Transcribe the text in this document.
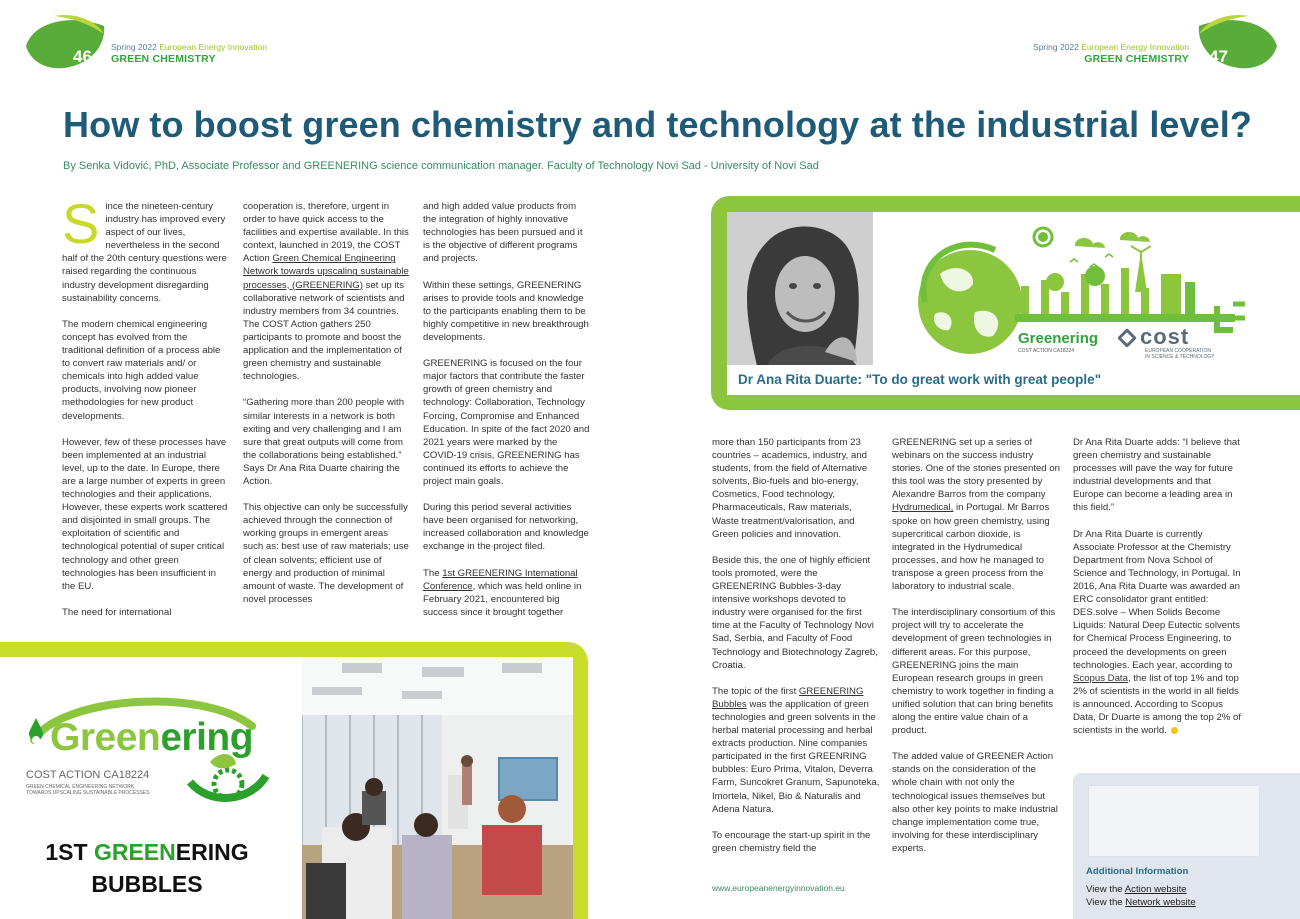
46 Spring 2022 European Energy Innovation
GREEN CHEMISTRY	47
Spring 2022 European Energy Innovation
GREEN CHEMISTRY
How to boost green chemistry and technology at the industrial level?
By Senka Vidović, PhD, Associate Professor and GREENERING science communication manager. Faculty of Technology Novi Sad - University of Novi Sad

Since the nineteen-century industry has improved every aspect of our lives, nevertheless in the second half of the 20th century questions were raised regarding the continuous industry development disregarding sustainability concerns.

The modern chemical engineering concept has evolved from the traditional definition of a process able to convert raw materials and/ or chemicals into high added value products, involving now pioneer methodologies for new product developments.

However, few of these processes have been implemented at an industrial level, up to the date. In Europe, there are a large number of experts in green technologies and their applications. However, these experts work scattered and disjointed in small groups. The exploitation of scientific and technological potential of super critical technology and other green technologies has been insufficient in the EU.

The need for international

cooperation is, therefore, urgent in order to have quick access to the facilities and expertise available. In this context, launched in 2019, the COST Action Green Chemical Engineering Network towards upscaling sustainable processes, (GREENERING) set up its collaborative network of scientists and industry members from 34 countries. The COST Action gathers 250 participants to promote and boost the application and the implementation of green chemistry and sustainable technologies.

“Gathering more than 200 people with similar interests in a network is both exiting and very challenging and I am sure that great outputs will come from the collaborations being established.” Says Dr Ana Rita Duarte chairing the Action.

This objective can only be successfully achieved through the connection of working groups in emergent areas such as: best use of raw materials; use of clean solvents; efficient use of energy and production of minimal amount of waste. The development of novel processes

and high added value products from the integration of highly innovative technologies has been pursued and it is the objective of different programs and projects.

Within these settings, GREENERING arises to provide tools and knowledge to the participants enabling them to be highly competitive in new breakthrough developments.

GREENERING is focused on the four major factors that contribute the faster growth of green chemistry and technology: Collaboration, Technology Forcing, Compromise and Enhanced Education. In spite of the fact 2020 and 2021 years were marked by the COVID-19 crisis, GREENERING has continued its efforts to achieve the project main goals.

During this period several activities have been organised for networking, increased collaboration and knowledge exchange in the project filed.

The 1st GREENERING International Conference, which was held online in February 2021, encountered big success since it brought together

Greenering
COST ACTION CA18224
cost
EUROPEAN COOPERATION
IN SCIENCE & TECHNOLOGY
Dr Ana Rita Duarte: "To do great work with great people"

more than 150 participants from 23 countries – academics, industry, and students, from the field of Alternative solvents, Bio-fuels and bio-energy, Cosmetics, Food technology, Pharmaceuticals, Raw materials, Waste treatment/valorisation, and Green policies and innovation.

Beside this, the one of highly efficient tools promoted, were the GREENERING Bubbles-3-day intensive workshops devoted to industry were organised for the first time at the Faculty of Technology Novi Sad, Serbia, and Faculty of Food Technology and Biotechnology Zagreb, Croatia.

The topic of the first GREENERING Bubbles was the application of green technologies and green solvents in the herbal material processing and herbal extracts production. Nine companies participated in the first GREENRING bubbles: Euro Prima, Vitalon, Deverra Farm, Suncokret Granum, Sapunoteka, Imortela, Nikel, Bio & Naturalis and Adena Natura.

To encourage the start-up spirit in the green chemistry field the

GREENERING set up a series of webinars on the success industry stories. One of the stories presented on this tool was the story presented by Alexandre Barros from the company Hydrumedical, in Portugal. Mr Barros spoke on how green chemistry, using supercritical carbon dioxide, is integrated in the Hydrumedical processes, and how he managed to transpose a green process from the laboratory to industrial scale.

The interdisciplinary consortium of this project will try to accelerate the development of green technologies in different areas. For this purpose, GREENERING joins the main European research groups in green chemistry to work together in finding a unified solution that can bring benefits along the entire value chain of a product.

The added value of GREENER Action stands on the consideration of the whole chain with not only the technological issues themselves but also other key points to make industrial change implementation come true, involving for these interdisciplinary experts.

Dr Ana Rita Duarte adds: “I believe that green chemistry and sustainable processes will pave the way for future industrial developments and that Europe can become a leading area in this field.”

Dr Ana Rita Duarte is currently Associate Professor at the Chemistry Department from Nova School of Science and Technology, in Portugal. In 2016, Ana Rita Duarte was awarded an ERC consolidator grant entitled: DES.solve – When Solids Become Liquids: Natural Deep Eutectic solvents for Chemical Process Engineering, to proceed the developments on green technologies. Each year, according to Scopus Data, the list of top 1% and top 2% of scientists in the world in all fields is announced. According to Scopus Data, Dr Duarte is among the top 2% of scientists in the world.

Additional Information
View the Action website
View the Network website
www.europeanenergyinnovation.eu
Greenering
COST ACTION CA18224
GREEN CHEMICAL ENGINEERING NETWORK
TOWARDS UPSCALING SUSTAINABLE PROCESSES
1ST GREENERING
BUBBLES
